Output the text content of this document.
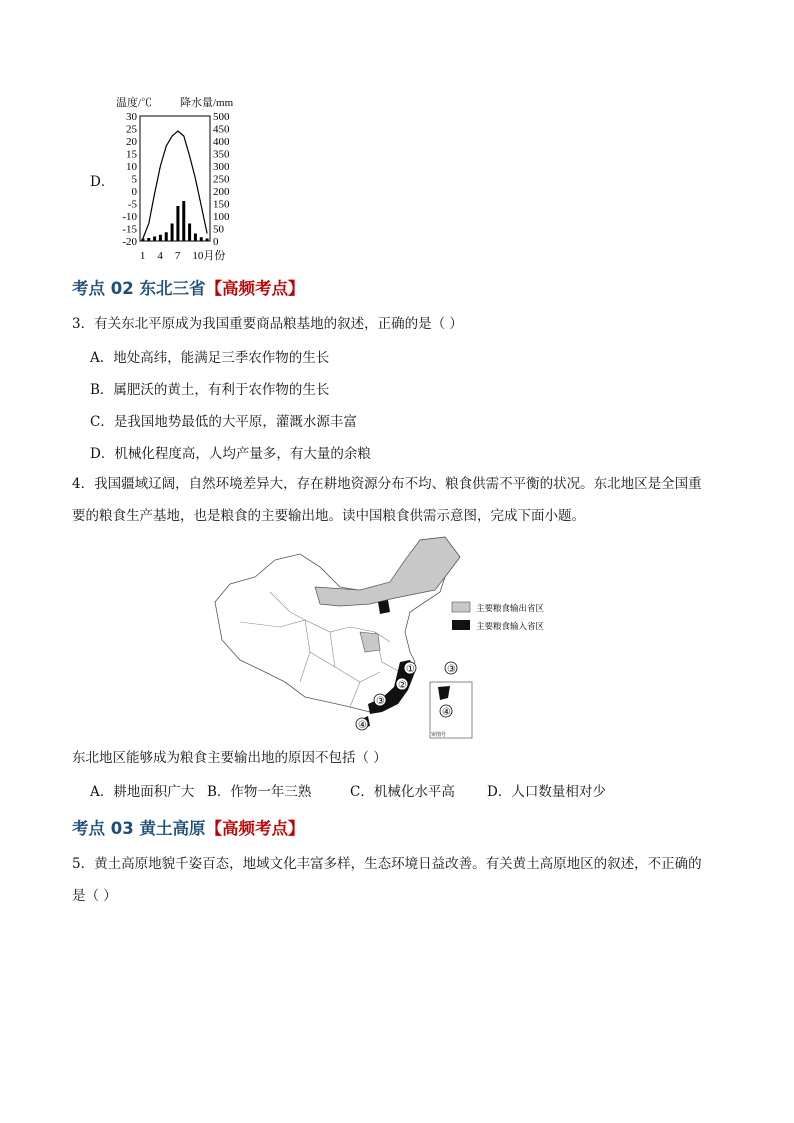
D．
温度/℃	降水量/mm
30
25
20
15
10
5
0
-5
-10
-15
-20
500
450
400
350
300
250
200
150
100
50
0
1 4 7 10月份
考点 02 东北三省【高频考点】
3．有关东北平原成为我国重要商品粮基地的叙述，正确的是（ ）
A．地处高纬，能满足三季农作物的生长
B．属肥沃的黄土，有利于农作物的生长
C．是我国地势最低的大平原，灌溉水源丰富
D．机械化程度高，人均产量多，有大量的余粮
4．我国疆域辽阔，自然环境差异大，存在耕地资源分布不均、粮食供需不平衡的状况。东北地区是全国重
要的粮食生产基地，也是粮食的主要输出地。读中国粮食供需示意图，完成下面小题。
①
②
③
④
③
④
审图号
主要粮食输出省区
主要粮食输入省区
东北地区能够成为粮食主要输出地的原因不包括（ ）
A．耕地面积广大 B．作物一年三熟	C．机械化水平高 D．人口数量相对少
考点 03 黄土高原【高频考点】
5．黄土高原地貌千姿百态，地域文化丰富多样，生态环境日益改善。有关黄土高原地区的叙述，不正确的
是（ ）
